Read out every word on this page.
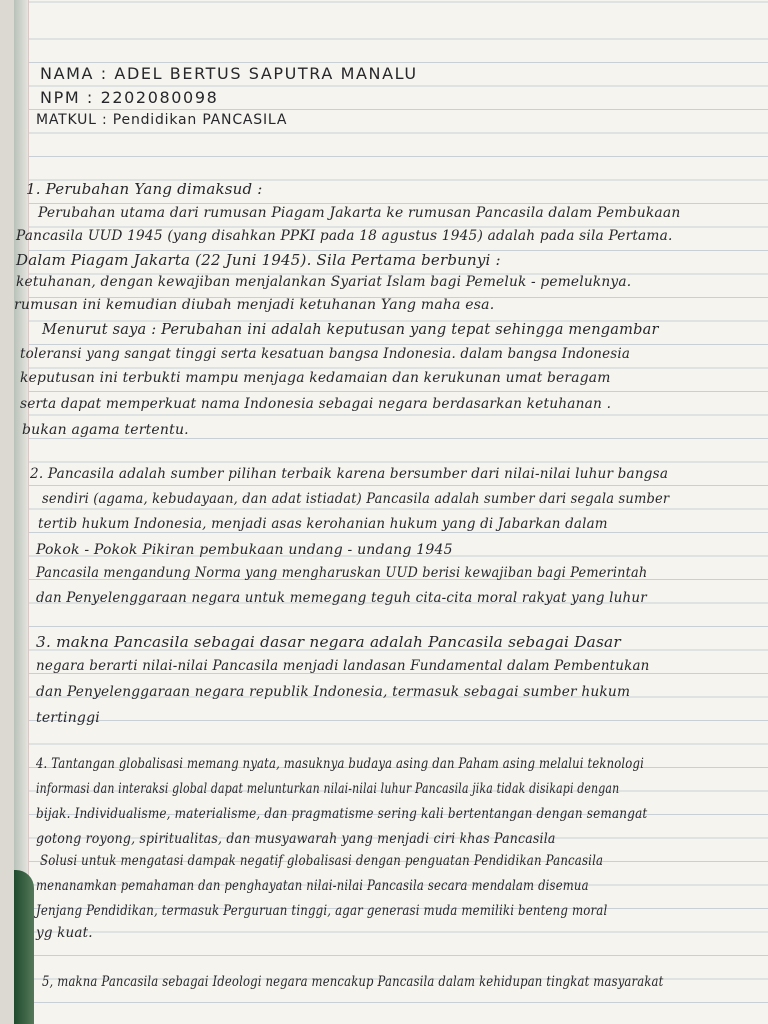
NAMA : ADEL BERTUS SAPUTRA MANALU
NPM : 2202080098
MATKUL : Pendidikan PANCASILA
1. Perubahan Yang dimaksud :
Perubahan utama dari rumusan Piagam Jakarta ke rumusan Pancasila dalam Pembukaan
Pancasila UUD 1945 (yang disahkan PPKI pada 18 agustus 1945) adalah pada sila Pertama.
Dalam Piagam Jakarta (22 Juni 1945). Sila Pertama berbunyi :
ketuhanan, dengan kewajiban menjalankan Syariat Islam bagi Pemeluk - pemeluknya.
rumusan ini kemudian diubah menjadi ketuhanan Yang maha esa.
Menurut saya : Perubahan ini adalah keputusan yang tepat sehingga mengambar
toleransi yang sangat tinggi serta kesatuan bangsa Indonesia. dalam bangsa Indonesia
keputusan ini terbukti mampu menjaga kedamaian dan kerukunan umat beragam
serta dapat memperkuat nama Indonesia sebagai negara berdasarkan ketuhanan .
bukan agama tertentu.
2. Pancasila adalah sumber pilihan terbaik karena bersumber dari nilai-nilai luhur bangsa
sendiri (agama, kebudayaan, dan adat istiadat) Pancasila adalah sumber dari segala sumber
tertib hukum Indonesia, menjadi asas kerohanian hukum yang di Jabarkan dalam
Pokok - Pokok Pikiran pembukaan undang - undang 1945
Pancasila mengandung Norma yang mengharuskan UUD berisi kewajiban bagi Pemerintah
dan Penyelenggaraan negara untuk memegang teguh cita-cita moral rakyat yang luhur
3. makna Pancasila sebagai dasar negara adalah Pancasila sebagai Dasar
negara berarti nilai-nilai Pancasila menjadi landasan Fundamental dalam Pembentukan
dan Penyelenggaraan negara republik Indonesia, termasuk sebagai sumber hukum
tertinggi
4. Tantangan globalisasi memang nyata, masuknya budaya asing dan Paham asing melalui teknologi
informasi dan interaksi global dapat melunturkan nilai-nilai luhur Pancasila jika tidak disikapi dengan
bijak. Individualisme, materialisme, dan pragmatisme sering kali bertentangan dengan semangat
gotong royong, spiritualitas, dan musyawarah yang menjadi ciri khas Pancasila
Solusi untuk mengatasi dampak negatif globalisasi dengan penguatan Pendidikan Pancasila
menanamkan pemahaman dan penghayatan nilai-nilai Pancasila secara mendalam disemua
Jenjang Pendidikan, termasuk Perguruan tinggi, agar generasi muda memiliki benteng moral
yg kuat.
5, makna Pancasila sebagai Ideologi negara mencakup Pancasila dalam kehidupan tingkat masyarakat
